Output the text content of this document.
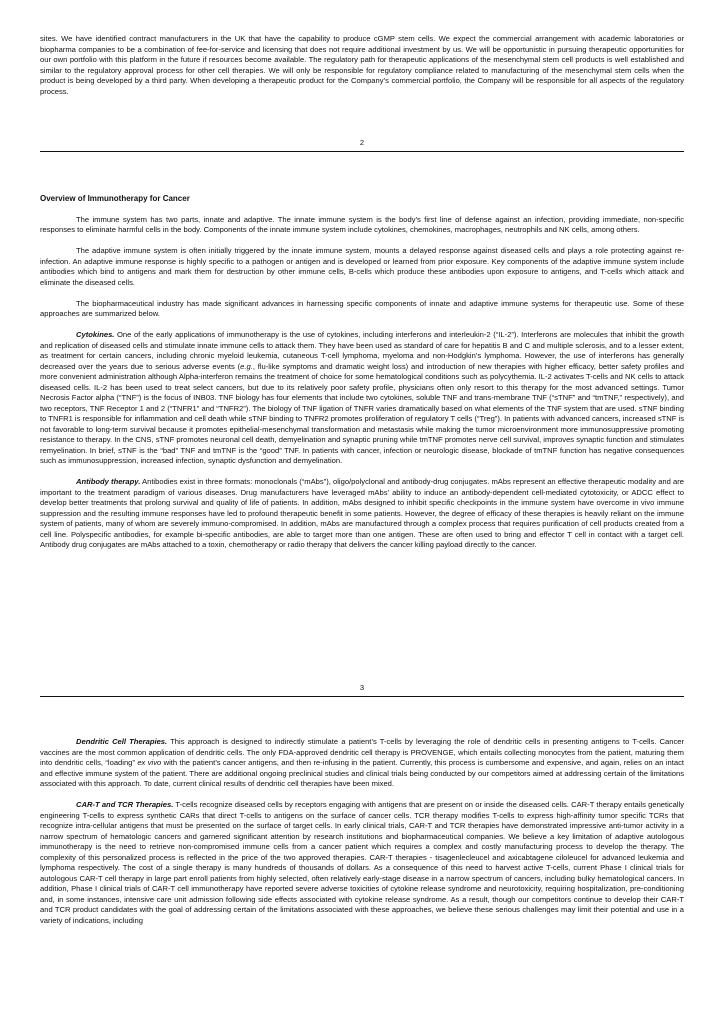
sites. We have identified contract manufacturers in the UK that have the capability to produce cGMP stem cells. We expect the commercial arrangement with academic laboratories or biopharma companies to be a combination of fee-for-service and licensing that does not require additional investment by us. We will be opportunistic in pursuing therapeutic opportunities for our own portfolio with this platform in the future if resources become available. The regulatory path for therapeutic applications of the mesenchymal stem cell products is well established and similar to the regulatory approval process for other cell therapies. We will only be responsible for regulatory compliance related to manufacturing of the mesenchymal stem cells when the product is being developed by a third party. When developing a therapeutic product for the Company’s commercial portfolio, the Company will be responsible for all aspects of the regulatory process.

2
Overview of Immunotherapy for Cancer

The immune system has two parts, innate and adaptive. The innate immune system is the body’s first line of defense against an infection, providing immediate, non-specific responses to eliminate harmful cells in the body. Components of the innate immune system include cytokines, chemokines, macrophages, neutrophils and NK cells, among others.

The adaptive immune system is often initially triggered by the innate immune system, mounts a delayed response against diseased cells and plays a role protecting against re-infection. An adaptive immune response is highly specific to a pathogen or antigen and is developed or learned from prior exposure. Key components of the adaptive immune system include antibodies which bind to antigens and mark them for destruction by other immune cells, B-cells which produce these antibodies upon exposure to antigens, and T-cells which attack and eliminate the diseased cells.

The biopharmaceutical industry has made significant advances in harnessing specific components of innate and adaptive immune systems for therapeutic use. Some of these approaches are summarized below.

Cytokines. One of the early applications of immunotherapy is the use of cytokines, including interferons and interleukin-2 (“IL-2”). Interferons are molecules that inhibit the growth and replication of diseased cells and stimulate innate immune cells to attack them. They have been used as standard of care for hepatitis B and C and multiple sclerosis, and to a lesser extent, as treatment for certain cancers, including chronic myeloid leukemia, cutaneous T-cell lymphoma, myeloma and non-Hodgkin’s lymphoma. However, the use of interferons has generally decreased over the years due to serious adverse events (e.g., flu-like symptoms and dramatic weight loss) and introduction of new therapies with higher efficacy, better safety profiles and more convenient administration although Alpha-interferon remains the treatment of choice for some hematological conditions such as polycythemia. IL-2 activates T-cells and NK cells to attack diseased cells. IL-2 has been used to treat select cancers, but due to its relatively poor safety profile, physicians often only resort to this therapy for the most advanced settings. Tumor Necrosis Factor alpha (“TNF”) is the focus of INB03. TNF biology has four elements that include two cytokines, soluble TNF and trans-membrane TNF (“sTNF” and “tmTNF,” respectively), and two receptors, TNF Receptor 1 and 2 (“TNFR1” and “TNFR2”). The biology of TNF ligation of TNFR varies dramatically based on what elements of the TNF system that are used. sTNF binding to TNFR1 is responsible for inflammation and cell death while sTNF binding to TNFR2 promotes proliferation of regulatory T cells (“Treg”). In patients with advanced cancers, increased sTNF is not favorable to long-term survival because it promotes epithelial-mesenchymal transformation and metastasis while making the tumor microenvironment more immunosuppressive promoting resistance to therapy. In the CNS, sTNF promotes neuronal cell death, demyelination and synaptic pruning while tmTNF promotes nerve cell survival, improves synaptic function and stimulates remyelination. In brief, sTNF is the “bad” TNF and tmTNF is the “good” TNF. In patients with cancer, infection or neurologic disease, blockade of tmTNF function has negative consequences such as immunosuppression, increased infection, synaptic dysfunction and demyelination.

Antibody therapy. Antibodies exist in three formats: monoclonals (“mAbs”), oligo/polyclonal and antibody-drug conjugates. mAbs represent an effective therapeutic modality and are important to the treatment paradigm of various diseases. Drug manufacturers have leveraged mAbs’ ability to induce an antibody-dependent cell-mediated cytotoxicity, or ADCC effect to develop better treatments that prolong survival and quality of life of patients. In addition, mAbs designed to inhibit specific checkpoints in the immune system have overcome in vivo immune suppression and the resulting immune responses have led to profound therapeutic benefit in some patients. However, the degree of efficacy of these therapies is heavily reliant on the immune system of patients, many of whom are severely immuno-compromised. In addition, mAbs are manufactured through a complex process that requires purification of cell products created from a cell line. Polyspecific antibodies, for example bi-specific antibodies, are able to target more than one antigen. These are often used to bring and effector T cell in contact with a target cell. Antibody drug conjugates are mAbs attached to a toxin, chemotherapy or radio therapy that delivers the cancer killing payload directly to the cancer.

3

Dendritic Cell Therapies. This approach is designed to indirectly stimulate a patient’s T-cells by leveraging the role of dendritic cells in presenting antigens to T-cells. Cancer vaccines are the most common application of dendritic cells. The only FDA-approved dendritic cell therapy is PROVENGE, which entails collecting monocytes from the patient, maturing them into dendritic cells, “loading” ex vivo with the patient’s cancer antigens, and then re-infusing in the patient. Currently, this process is cumbersome and expensive, and again, relies on an intact and effective immune system of the patient. There are additional ongoing preclinical studies and clinical trials being conducted by our competitors aimed at addressing certain of the limitations associated with this approach. To date, current clinical results of dendritic cell therapies have been mixed.

CAR-T and TCR Therapies. T-cells recognize diseased cells by receptors engaging with antigens that are present on or inside the diseased cells. CAR-T therapy entails genetically engineering T-cells to express synthetic CARs that direct T-cells to antigens on the surface of cancer cells. TCR therapy modifies T-cells to express high-affinity tumor specific TCRs that recognize intra-cellular antigens that must be presented on the surface of target cells. In early clinical trials, CAR-T and TCR therapies have demonstrated impressive anti-tumor activity in a narrow spectrum of hematologic cancers and garnered significant attention by research institutions and biopharmaceutical companies. We believe a key limitation of adaptive autologous immunotherapy is the need to retrieve non-compromised immune cells from a cancer patient which requires a complex and costly manufacturing process to develop the therapy. The complexity of this personalized process is reflected in the price of the two approved therapies. CAR-T therapies - tisagenlecleucel and axicabtagene ciloleucel for advanced leukemia and lymphoma respectively. The cost of a single therapy is many hundreds of thousands of dollars. As a consequence of this need to harvest active T-cells, current Phase I clinical trials for autologous CAR-T cell therapy in large part enroll patients from highly selected, often relatively early-stage disease in a narrow spectrum of cancers, including bulky hematological cancers. In addition, Phase I clinical trials of CAR-T cell immunotherapy have reported severe adverse toxicities of cytokine release syndrome and neurotoxicity, requiring hospitalization, pre-conditioning and, in some instances, intensive care unit admission following side effects associated with cytokine release syndrome. As a result, though our competitors continue to develop their CAR-T and TCR product candidates with the goal of addressing certain of the limitations associated with these approaches, we believe these serious challenges may limit their potential and use in a variety of indications, including
